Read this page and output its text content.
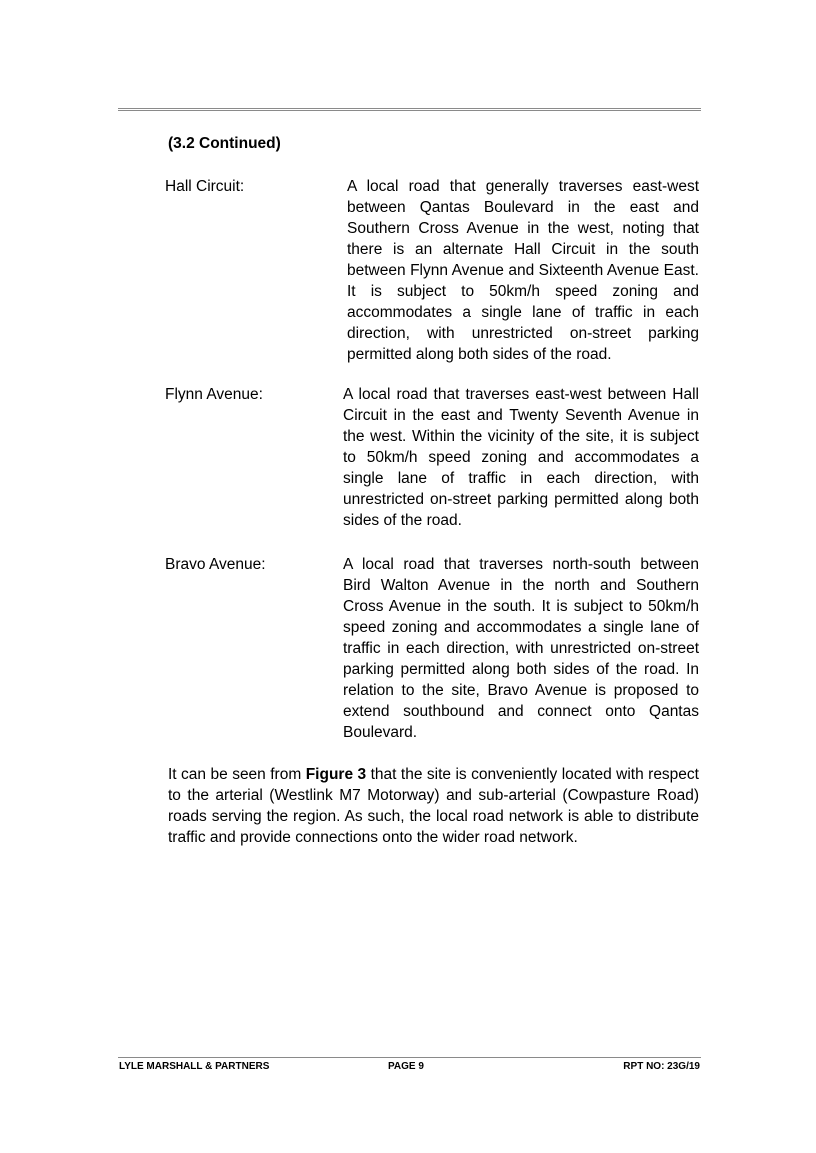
(3.2 Continued)
Hall Circuit:	A local road that generally traverses east-west between Qantas Boulevard in the east and Southern Cross Avenue in the west, noting that there is an alternate Hall Circuit in the south between Flynn Avenue and Sixteenth Avenue East. It is subject to 50km/h speed zoning and accommodates a single lane of traffic in each direction, with unrestricted on-street parking permitted along both sides of the road.
Flynn Avenue:	A local road that traverses east-west between Hall Circuit in the east and Twenty Seventh Avenue in the west. Within the vicinity of the site, it is subject to 50km/h speed zoning and accommodates a single lane of traffic in each direction, with unrestricted on-street parking permitted along both sides of the road.
Bravo Avenue:	A local road that traverses north-south between Bird Walton Avenue in the north and Southern Cross Avenue in the south. It is subject to 50km/h speed zoning and accommodates a single lane of traffic in each direction, with unrestricted on-street parking permitted along both sides of the road. In relation to the site, Bravo Avenue is proposed to extend southbound and connect onto Qantas Boulevard.

It can be seen from Figure 3 that the site is conveniently located with respect to the arterial (Westlink M7 Motorway) and sub-arterial (Cowpasture Road) roads serving the region. As such, the local road network is able to distribute traffic and provide connections onto the wider road network.

LYLE MARSHALL & PARTNERS	PAGE 9	RPT NO: 23G/19
